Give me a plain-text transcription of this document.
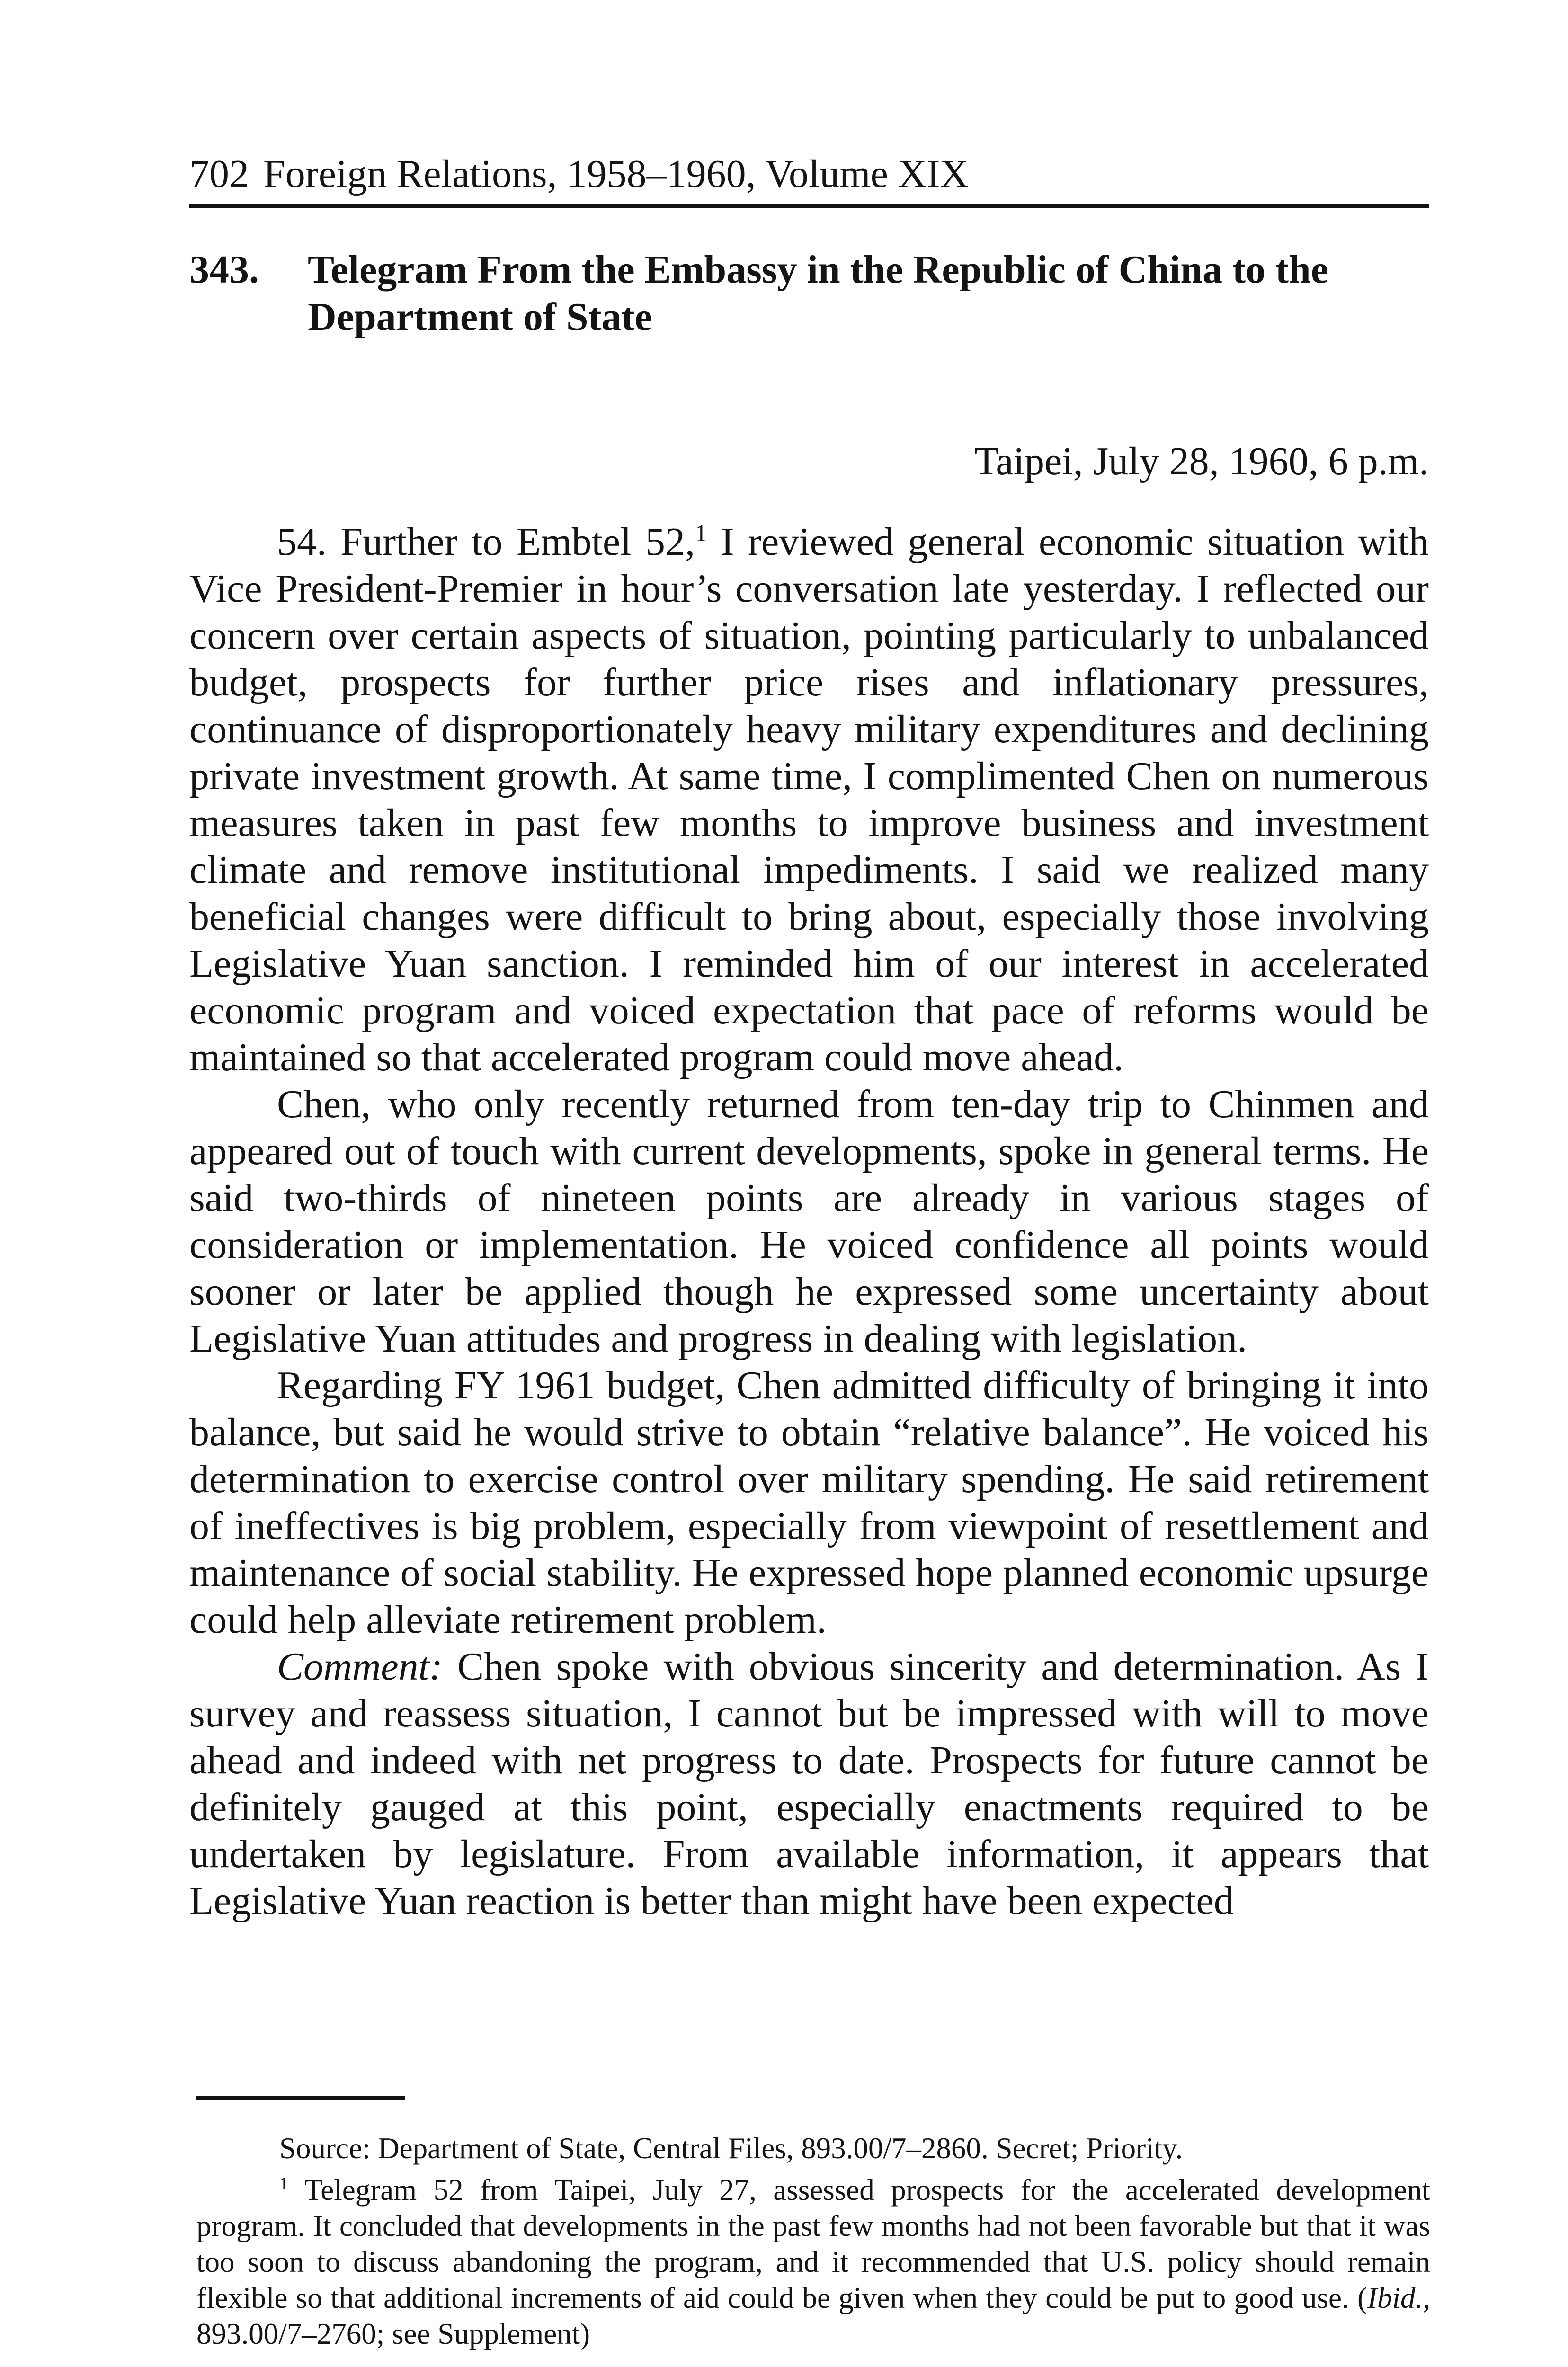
702 Foreign Relations, 1958–1960, Volume XIX
343. Telegram From the Embassy in the Republic of China to the
Department of State
Taipei, July 28, 1960, 6 p.m.

54. Further to Embtel 52,$^1$ I reviewed general economic situation with Vice President-Premier in hour’s conversation late yesterday. I reflected our concern over certain aspects of situation, pointing particularly to unbalanced budget, prospects for further price rises and inflationary pressures, continuance of disproportionately heavy military expenditures and declining private investment growth. At same time, I complimented Chen on numerous measures taken in past few months to improve business and investment climate and remove institutional impediments. I said we realized many beneficial changes were difficult to bring about, especially those involving Legislative Yuan sanction. I reminded him of our interest in accelerated economic program and voiced expectation that pace of reforms would be maintained so that accelerated program could move ahead.

Chen, who only recently returned from ten-day trip to Chinmen and appeared out of touch with current developments, spoke in general terms. He said two-thirds of nineteen points are already in various stages of consideration or implementation. He voiced confidence all points would sooner or later be applied though he expressed some uncertainty about Legislative Yuan attitudes and progress in dealing with legislation.

Regarding FY 1961 budget, Chen admitted difficulty of bringing it into balance, but said he would strive to obtain “relative balance”. He voiced his determination to exercise control over military spending. He said retirement of ineffectives is big problem, especially from viewpoint of resettlement and maintenance of social stability. He expressed hope planned economic upsurge could help alleviate retirement problem.

Comment: Chen spoke with obvious sincerity and determination. As I survey and reassess situation, I cannot but be impressed with will to move ahead and indeed with net progress to date. Prospects for future cannot be definitely gauged at this point, especially enactments required to be undertaken by legislature. From available information, it appears that Legislative Yuan reaction is better than might have been expected

Source: Department of State, Central Files, 893.00/7–2860. Secret; Priority.

$^1$ Telegram 52 from Taipei, July 27, assessed prospects for the accelerated development program. It concluded that developments in the past few months had not been favorable but that it was too soon to discuss abandoning the program, and it recommended that U.S. policy should remain flexible so that additional increments of aid could be given when they could be put to good use. (Ibid., 893.00/7–2760; see Supplement)
